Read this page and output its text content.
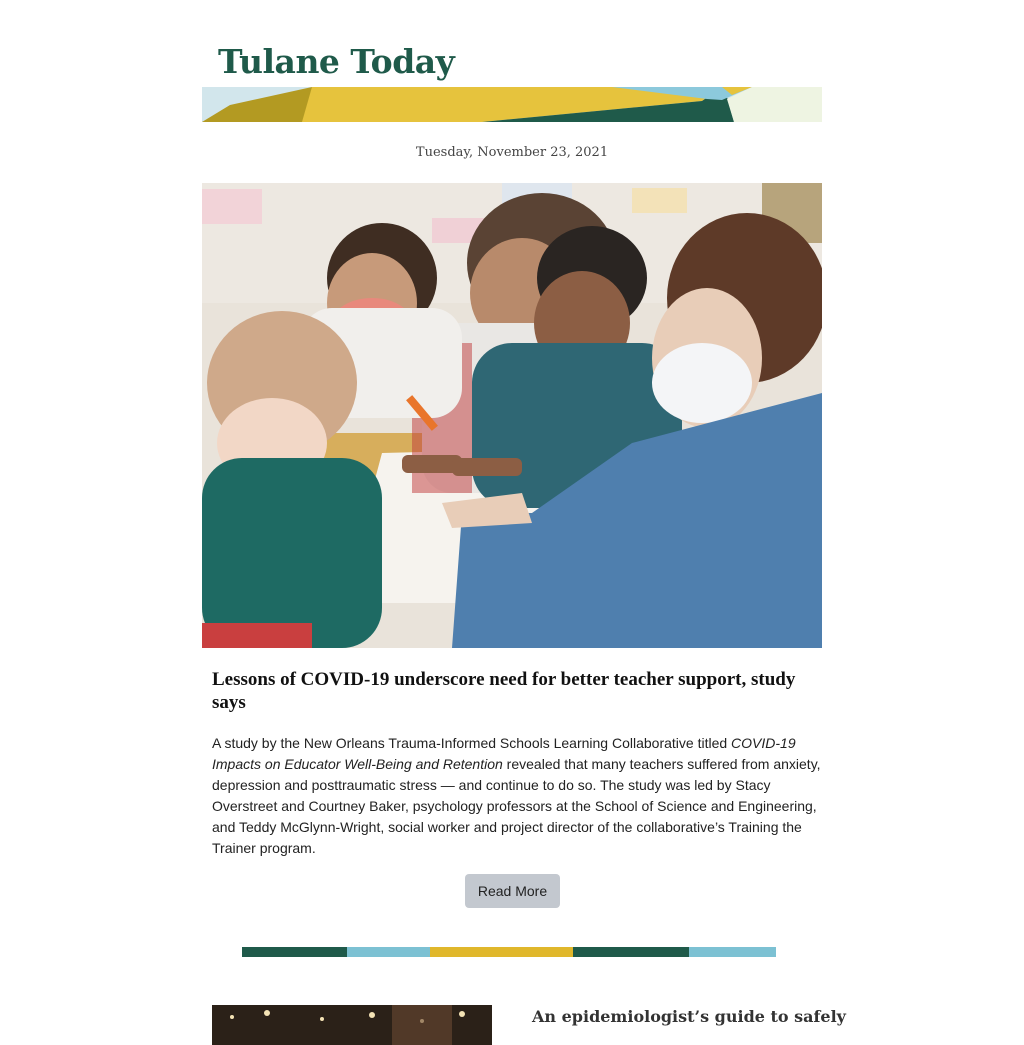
Tulane Today
Tuesday, November 23, 2021
Lessons of COVID-19 underscore need for better teacher support, study says

A study by the New Orleans Trauma-Informed Schools Learning Collaborative titled COVID-19 Impacts on Educator Well-Being and Retention revealed that many teachers suffered from anxiety, depression and posttraumatic stress — and continue to do so. The study was led by Stacy Overstreet and Courtney Baker, psychology professors at the School of Science and Engineering, and Teddy McGlynn-Wright, social worker and project director of the collaborative’s Training the Trainer program.

Read More
An epidemiologist’s guide to safely
